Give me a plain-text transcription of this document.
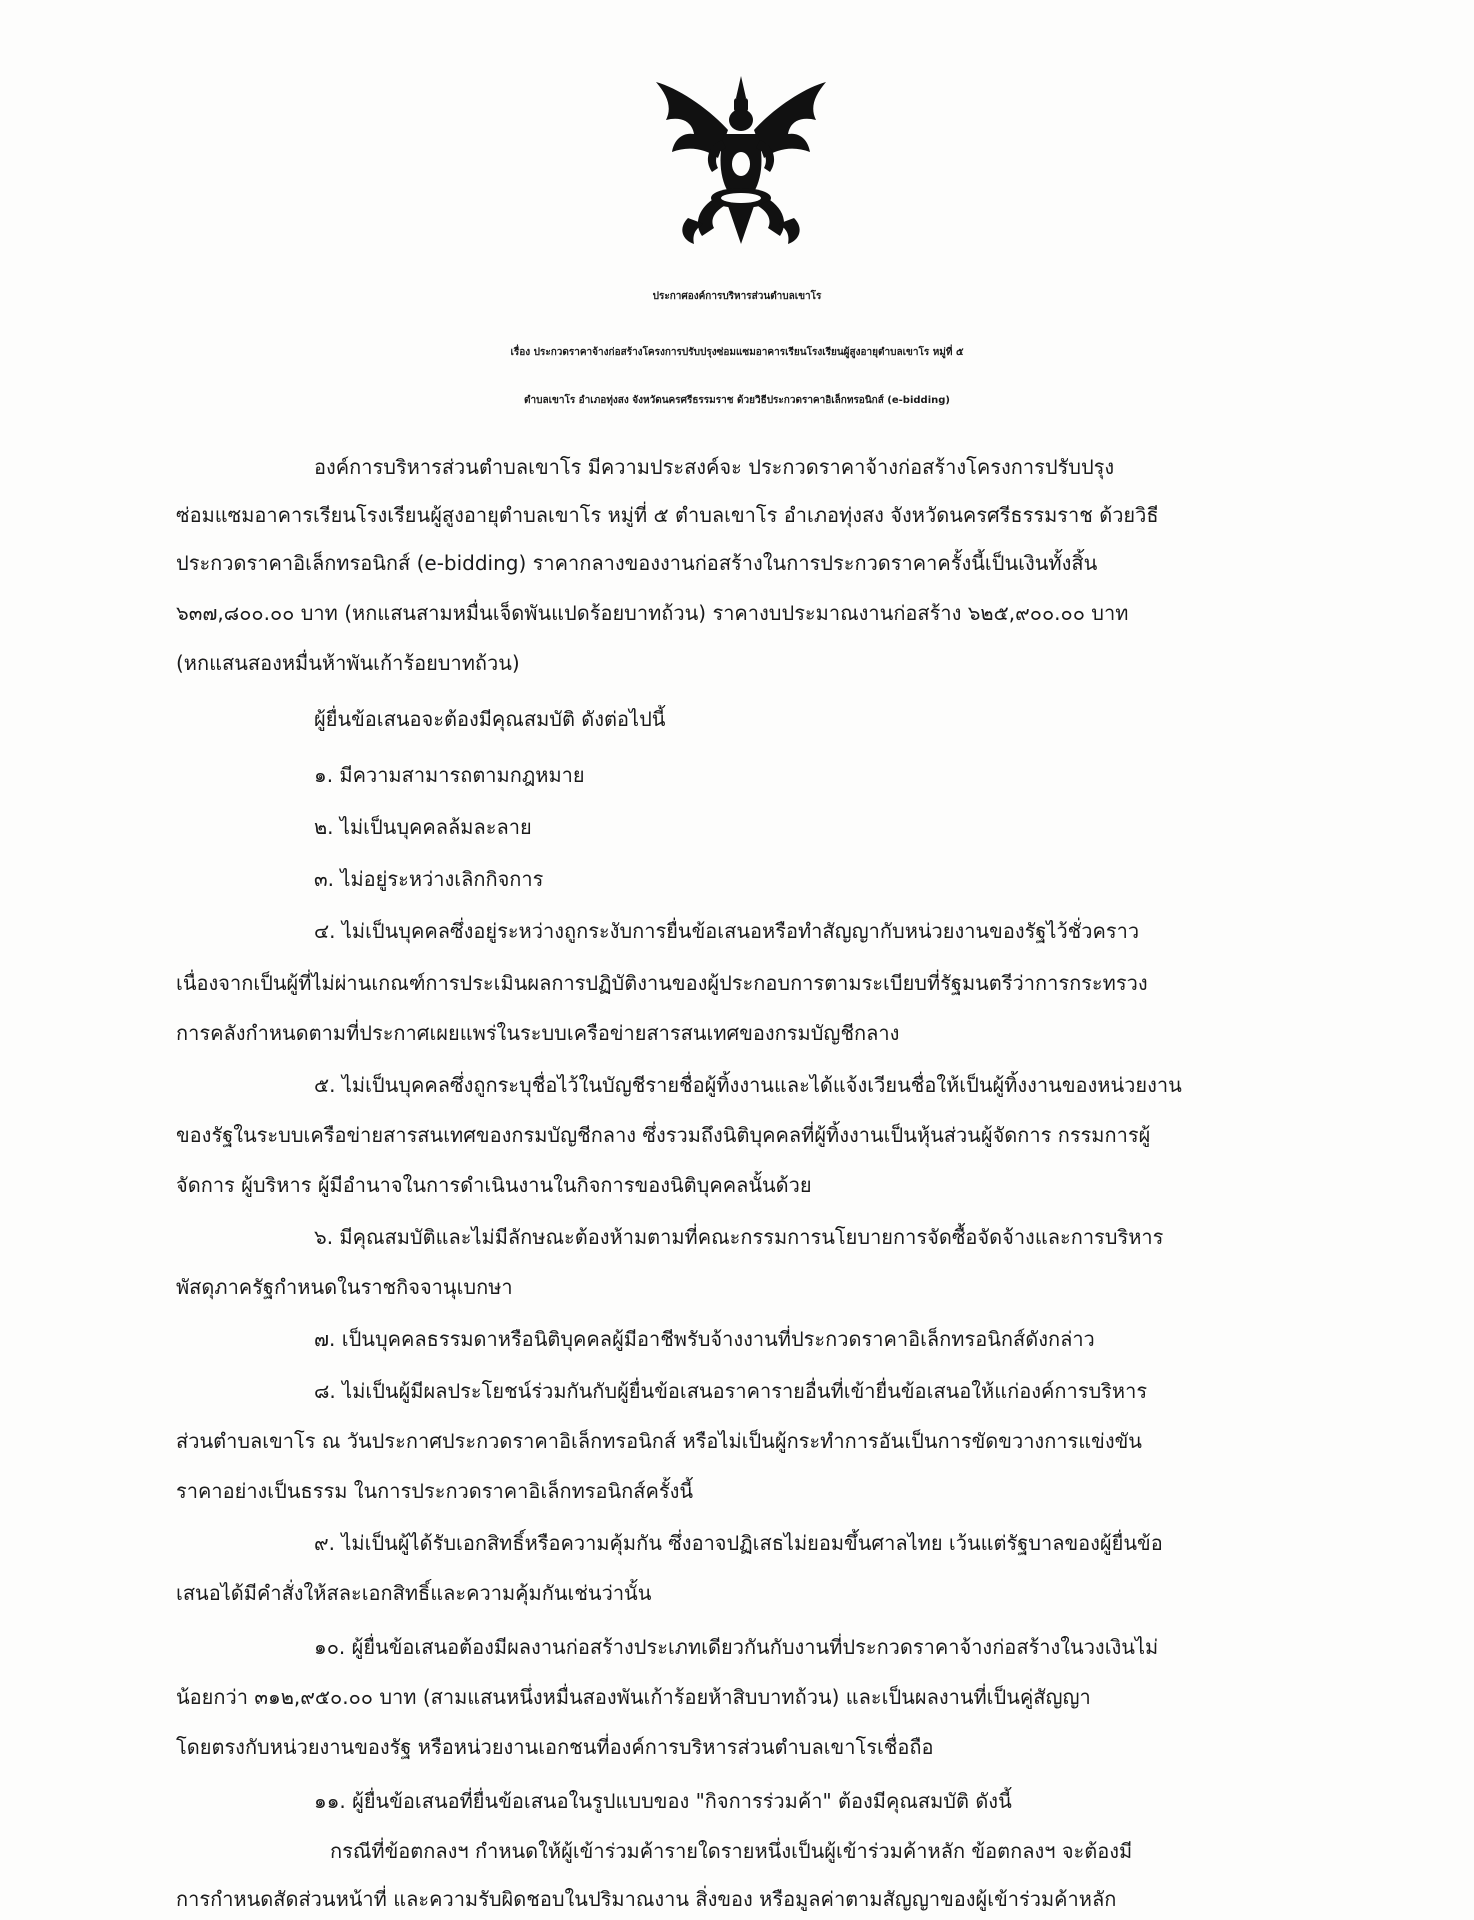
ประกาศองค์การบริหารส่วนตำบลเขาโร
เรื่อง ประกวดราคาจ้างก่อสร้างโครงการปรับปรุงซ่อมแซมอาคารเรียนโรงเรียนผู้สูงอายุตำบลเขาโร หมู่ที่ ๕
ตำบลเขาโร อำเภอทุ่งสง จังหวัดนครศรีธรรมราช ด้วยวิธีประกวดราคาอิเล็กทรอนิกส์ (e-bidding)
องค์การบริหารส่วนตำบลเขาโร มีความประสงค์จะ ประกวดราคาจ้างก่อสร้างโครงการปรับปรุง
ซ่อมแซมอาคารเรียนโรงเรียนผู้สูงอายุตำบลเขาโร หมู่ที่ ๕ ตำบลเขาโร อำเภอทุ่งสง จังหวัดนครศรีธรรมราช ด้วยวิธี
ประกวดราคาอิเล็กทรอนิกส์ (e-bidding) ราคากลางของงานก่อสร้างในการประกวดราคาครั้งนี้เป็นเงินทั้งสิ้น
๖๓๗,๘๐๐.๐๐ บาท (หกแสนสามหมื่นเจ็ดพันแปดร้อยบาทถ้วน) ราคางบประมาณงานก่อสร้าง ๖๒๕,๙๐๐.๐๐ บาท
(หกแสนสองหมื่นห้าพันเก้าร้อยบาทถ้วน)
ผู้ยื่นข้อเสนอจะต้องมีคุณสมบัติ ดังต่อไปนี้
๑. มีความสามารถตามกฎหมาย
๒. ไม่เป็นบุคคลล้มละลาย
๓. ไม่อยู่ระหว่างเลิกกิจการ
๔. ไม่เป็นบุคคลซึ่งอยู่ระหว่างถูกระงับการยื่นข้อเสนอหรือทำสัญญากับหน่วยงานของรัฐไว้ชั่วคราว
เนื่องจากเป็นผู้ที่ไม่ผ่านเกณฑ์การประเมินผลการปฏิบัติงานของผู้ประกอบการตามระเบียบที่รัฐมนตรีว่าการกระทรวง
การคลังกำหนดตามที่ประกาศเผยแพร่ในระบบเครือข่ายสารสนเทศของกรมบัญชีกลาง
๕. ไม่เป็นบุคคลซึ่งถูกระบุชื่อไว้ในบัญชีรายชื่อผู้ทิ้งงานและได้แจ้งเวียนชื่อให้เป็นผู้ทิ้งงานของหน่วยงาน
ของรัฐในระบบเครือข่ายสารสนเทศของกรมบัญชีกลาง ซึ่งรวมถึงนิติบุคคลที่ผู้ทิ้งงานเป็นหุ้นส่วนผู้จัดการ กรรมการผู้
จัดการ ผู้บริหาร ผู้มีอำนาจในการดำเนินงานในกิจการของนิติบุคคลนั้นด้วย
๖. มีคุณสมบัติและไม่มีลักษณะต้องห้ามตามที่คณะกรรมการนโยบายการจัดซื้อจัดจ้างและการบริหาร
พัสดุภาครัฐกำหนดในราชกิจจานุเบกษา
๗. เป็นบุคคลธรรมดาหรือนิติบุคคลผู้มีอาชีพรับจ้างงานที่ประกวดราคาอิเล็กทรอนิกส์ดังกล่าว
๘. ไม่เป็นผู้มีผลประโยชน์ร่วมกันกับผู้ยื่นข้อเสนอราคารายอื่นที่เข้ายื่นข้อเสนอให้แก่องค์การบริหาร
ส่วนตำบลเขาโร ณ วันประกาศประกวดราคาอิเล็กทรอนิกส์ หรือไม่เป็นผู้กระทำการอันเป็นการขัดขวางการแข่งขัน
ราคาอย่างเป็นธรรม ในการประกวดราคาอิเล็กทรอนิกส์ครั้งนี้
๙. ไม่เป็นผู้ได้รับเอกสิทธิ์หรือความคุ้มกัน ซึ่งอาจปฏิเสธไม่ยอมขึ้นศาลไทย เว้นแต่รัฐบาลของผู้ยื่นข้อ
เสนอได้มีคำสั่งให้สละเอกสิทธิ์และความคุ้มกันเช่นว่านั้น
๑๐. ผู้ยื่นข้อเสนอต้องมีผลงานก่อสร้างประเภทเดียวกันกับงานที่ประกวดราคาจ้างก่อสร้างในวงเงินไม่
น้อยกว่า ๓๑๒,๙๕๐.๐๐ บาท (สามแสนหนึ่งหมื่นสองพันเก้าร้อยห้าสิบบาทถ้วน) และเป็นผลงานที่เป็นคู่สัญญา
โดยตรงกับหน่วยงานของรัฐ หรือหน่วยงานเอกชนที่องค์การบริหารส่วนตำบลเขาโรเชื่อถือ
๑๑. ผู้ยื่นข้อเสนอที่ยื่นข้อเสนอในรูปแบบของ "กิจการร่วมค้า" ต้องมีคุณสมบัติ ดังนี้
กรณีที่ข้อตกลงฯ กำหนดให้ผู้เข้าร่วมค้ารายใดรายหนึ่งเป็นผู้เข้าร่วมค้าหลัก ข้อตกลงฯ จะต้องมี
การกำหนดสัดส่วนหน้าที่ และความรับผิดชอบในปริมาณงาน สิ่งของ หรือมูลค่าตามสัญญาของผู้เข้าร่วมค้าหลัก
